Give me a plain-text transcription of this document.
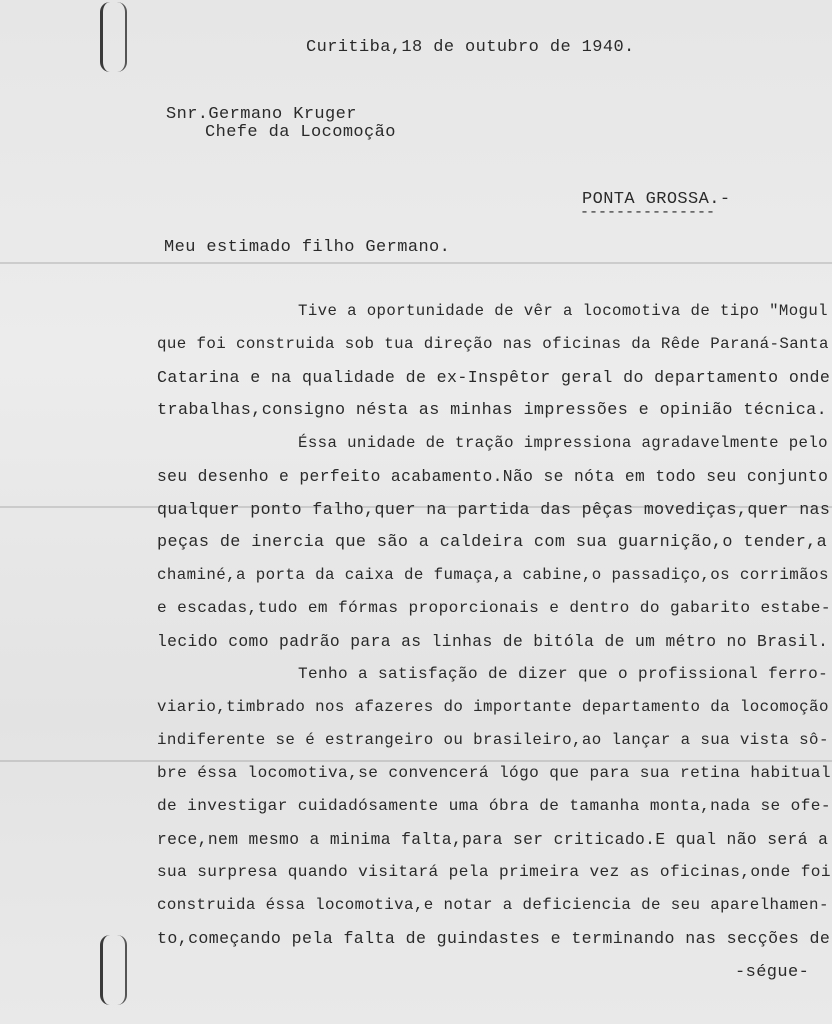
Curitiba,18 de outubro de 1940.
Snr.Germano Kruger
Chefe da Locomoção
PONTA GROSSA.-
---------------
Meu estimado filho Germano.
Tive a oportunidade de vêr a locomotiva de tipo "Mogul
que foi construida sob tua direção nas oficinas da Rêde Paraná-Santa
Catarina e na qualidade de ex-Inspêtor geral do departamento onde
trabalhas,consigno nésta as minhas impressões e opinião técnica.
Éssa unidade de tração impressiona agradavelmente pelo
seu desenho e perfeito acabamento.Não se nóta em todo seu conjunto
qualquer ponto falho,quer na partida das pêças movediças,quer nas
peças de inercia que são a caldeira com sua guarnição,o tender,a
chaminé,a porta da caixa de fumaça,a cabine,o passadiço,os corrimãos
e escadas,tudo em fórmas proporcionais e dentro do gabarito estabe-
lecido como padrão para as linhas de bitóla de um métro no Brasil.
Tenho a satisfação de dizer que o profissional ferro-
viario,timbrado nos afazeres do importante departamento da locomoção
indiferente se é estrangeiro ou brasileiro,ao lançar a sua vista sô-
bre éssa locomotiva,se convencerá lógo que para sua retina habitual
de investigar cuidadósamente uma óbra de tamanha monta,nada se ofe-
rece,nem mesmo a minima falta,para ser criticado.E qual não será a
sua surpresa quando visitará pela primeira vez as oficinas,onde foi
construida éssa locomotiva,e notar a deficiencia de seu aparelhamen-
to,começando pela falta de guindastes e terminando nas secções de
-ségue-
